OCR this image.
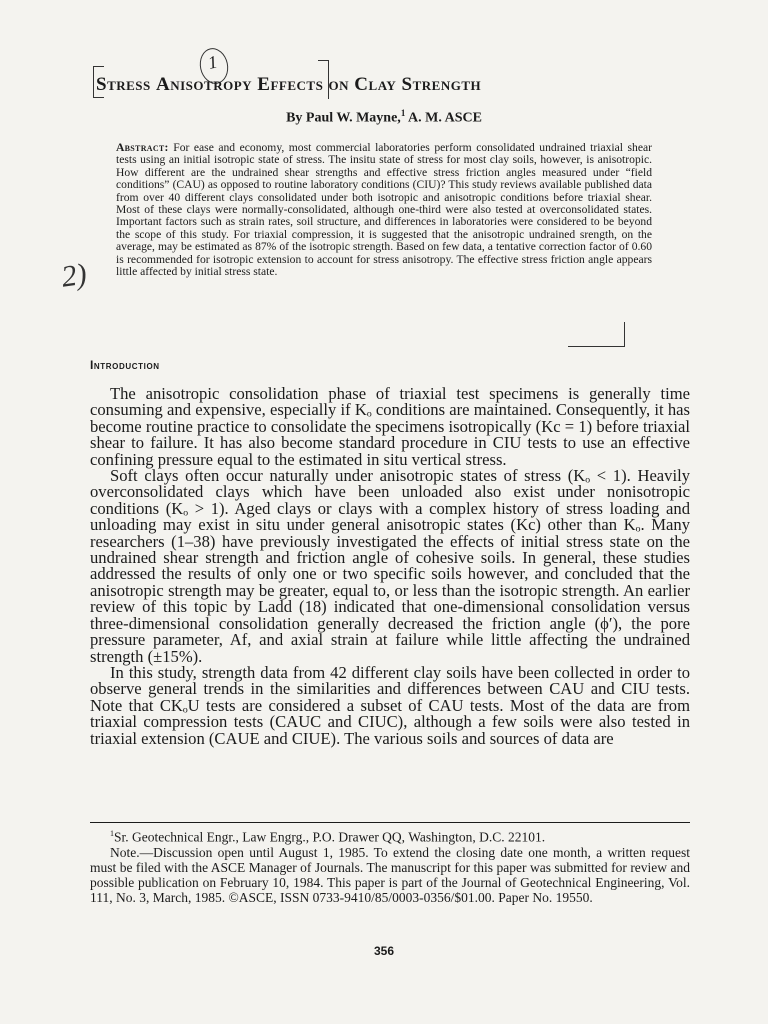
1
Stress Anisotropy Effects on Clay Strength
By Paul W. Mayne,$^1$ A. M. ASCE
Abstract: For ease and economy, most commercial laboratories perform consolidated undrained triaxial shear tests using an initial isotropic state of stress. The insitu state of stress for most clay soils, however, is anisotropic. How different are the undrained shear strengths and effective stress friction angles measured under “field conditions” (CAU) as opposed to routine laboratory conditions (CIU)? This study reviews available published data from over 40 different clays consolidated under both isotropic and anisotropic conditions before triaxial shear. Most of these clays were normally-consolidated, although one-third were also tested at overconsolidated states. Important factors such as strain rates, soil structure, and differences in laboratories were considered to be beyond the scope of this study. For triaxial compression, it is suggested that the anisotropic undrained srength, on the average, may be estimated as 87% of the isotropic strength. Based on few data, a tentative correction factor of 0.60 is recommended for isotropic extension to account for stress anisotropy. The effective stress friction angle appears little affected by initial stress state.
2)
Introduction

The anisotropic consolidation phase of triaxial test specimens is generally time consuming and expensive, especially if Kₒ conditions are maintained. Consequently, it has become routine practice to consolidate the specimens isotropically (Kc = 1) before triaxial shear to failure. It has also become standard procedure in CIU tests to use an effective confining pressure equal to the estimated in situ vertical stress.

Soft clays often occur naturally under anisotropic states of stress (Kₒ < 1). Heavily overconsolidated clays which have been unloaded also exist under nonisotropic conditions (Kₒ > 1). Aged clays or clays with a complex history of stress loading and unloading may exist in situ under general anisotropic states (Kc) other than Kₒ. Many researchers (1–38) have previously investigated the effects of initial stress state on the undrained shear strength and friction angle of cohesive soils. In general, these studies addressed the results of only one or two specific soils however, and concluded that the anisotropic strength may be greater, equal to, or less than the isotropic strength. An earlier review of this topic by Ladd (18) indicated that one-dimensional consolidation versus three-dimensional consolidation generally decreased the friction angle (ϕ′), the pore pressure parameter, Af, and axial strain at failure while little affecting the undrained strength (±15%).

In this study, strength data from 42 different clay soils have been collected in order to observe general trends in the similarities and differences between CAU and CIU tests. Note that CKₒU tests are considered a subset of CAU tests. Most of the data are from triaxial compression tests (CAUC and CIUC), although a few soils were also tested in triaxial extension (CAUE and CIUE). The various soils and sources of data are

$^1$Sr. Geotechnical Engr., Law Engrg., P.O. Drawer QQ, Washington, D.C. 22101.

Note.—Discussion open until August 1, 1985. To extend the closing date one month, a written request must be filed with the ASCE Manager of Journals. The manuscript for this paper was submitted for review and possible publication on February 10, 1984. This paper is part of the Journal of Geotechnical Engineering, Vol. 111, No. 3, March, 1985. ©ASCE, ISSN 0733-9410/85/0003-0356/$01.00. Paper No. 19550.

356
